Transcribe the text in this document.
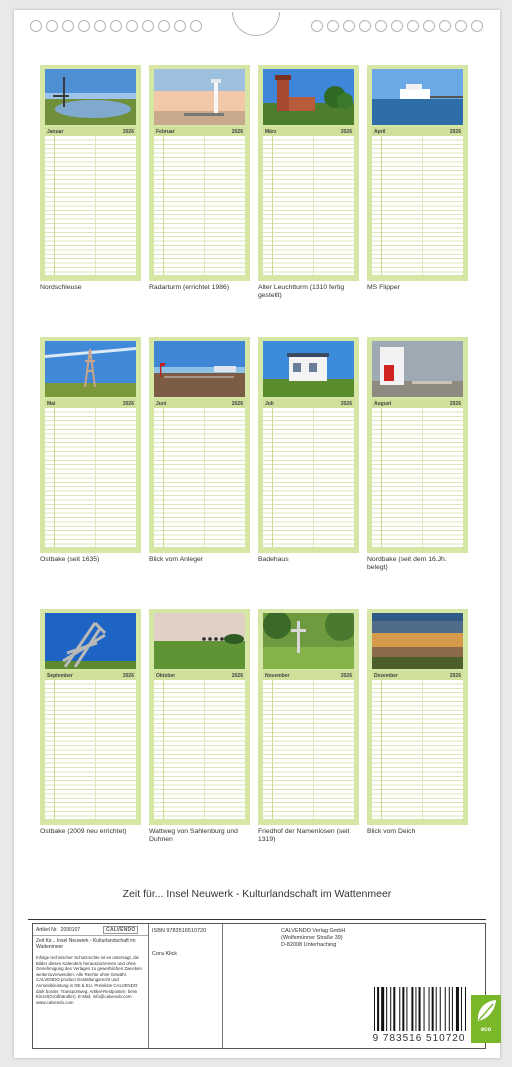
Januar	2026
Nordschleuse
Februar	2026
Radarturm (errichtet 1986)
März	2026
Alter Leuchtturm (1310 fertig gestellt)
April	2026
MS Flipper
Mai	2026
Ostbake (seit 1635)
Juni	2026
Blick vom Anleger
Juli	2026
Badehaus
August	2026
Nordbake (seit dem 16.Jh. belegt)
September	2026
Ostbake (2009 neu errichtet)
Oktober	2026
Wattweg von Sahlenburg und Duhnen
November	2026
Friedhof der Namenlosen (seit 1319)
Dezember	2026
Blick vom Deich
Zeit für... Insel Neuwerk - Kulturlandschaft im Wattenmeer
Artikel Nr. 2090107	CALVENDO
Zeit für... Insel Neuwerk - Kulturlandschaft im Wattenmeer
Infolge technischer Schutzrechte ist es untersagt, die Bilder dieses Kalenders herauszutrennen und ohne Genehmigung des Verlages zu gewerblichen Zwecken weiterzuverwenden. Alle Rechte ohne Gewähr. CALVENDO product Gestaltungsrecht und Anmeldeleistung in DE & EU. Preisliste CALVENDO: dark border. Transportweg: Artikel-Restposten: beim Einzel(Großhändler). E-Mail: info@calvendo.com · www.calvendo.com
ISBN 9783516510720
Cora Klick
CALVENDO Verlag GmbH
(Wolfsmünner Straße 39)
D-82008 Unterhaching
9 783516 510720
eco
